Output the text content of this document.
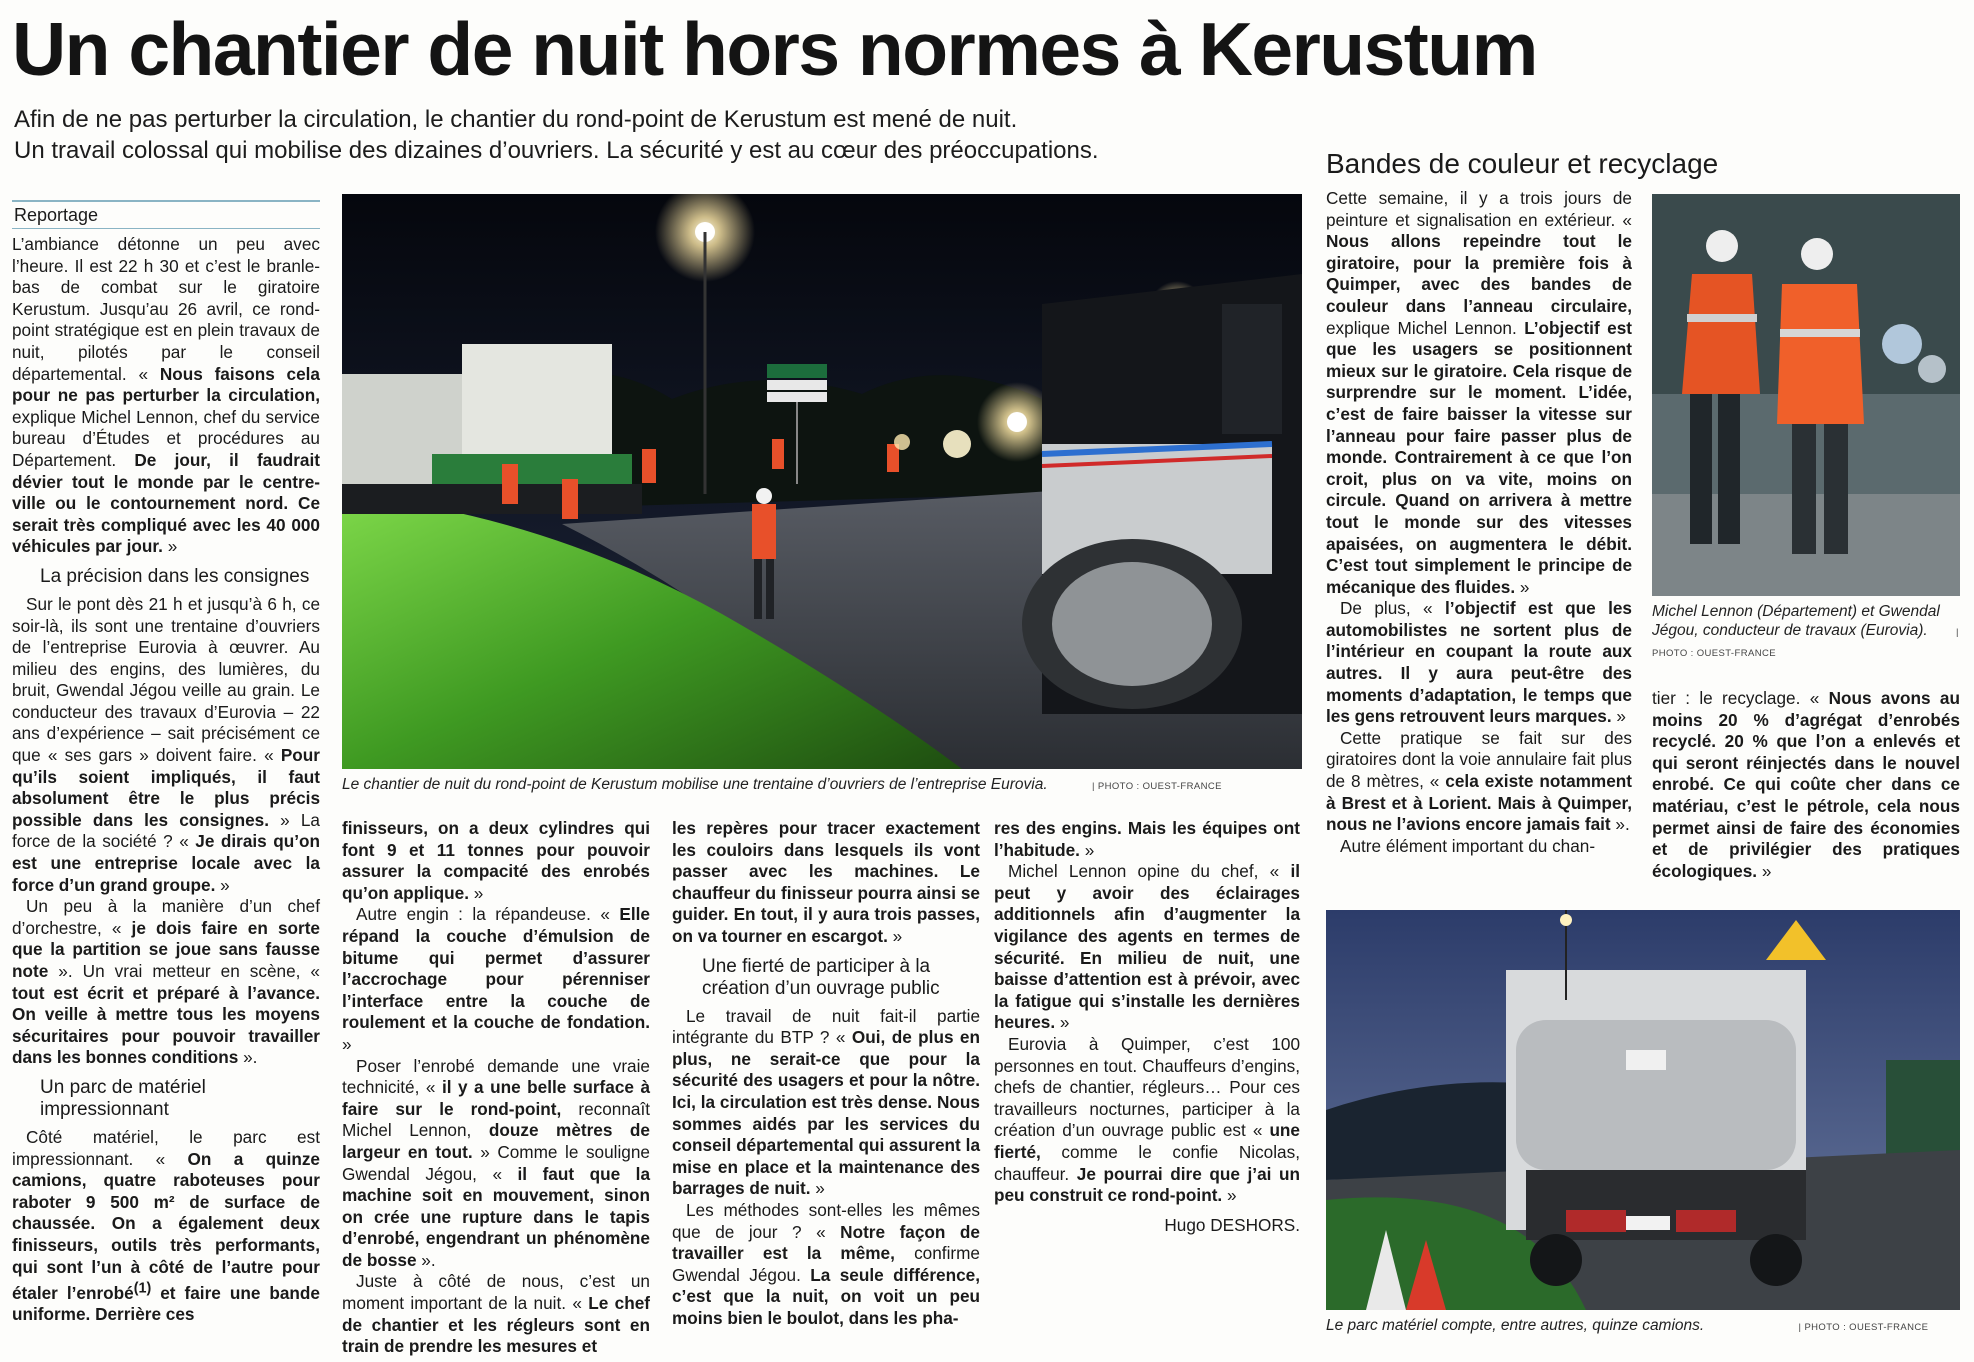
Un chantier de nuit hors normes à Kerustum

Afin de ne pas perturber la circulation, le chantier du rond-point de Kerustum est mené de nuit.

Un travail colossal qui mobilise des dizaines d’ouvriers. La sécurité y est au cœur des préoccupations.

Reportage
Bandes de couleur et recyclage

L’ambiance détonne un peu avec l’heure. Il est 22 h 30 et c’est le branle-bas de combat sur le giratoire Kerustum. Jusqu’au 26 avril, ce rond-point stratégique est en plein travaux de nuit, pilotés par le conseil départemental. « Nous faisons cela pour ne pas perturber la circulation, explique Michel Lennon, chef du service bureau d’Études et procédures au Département. De jour, il faudrait dévier tout le monde par le centre-ville ou le contournement nord. Ce serait très compliqué avec les 40 000 véhicules par jour. »

La précision dans les consignes

Sur le pont dès 21 h et jusqu’à 6 h, ce soir-là, ils sont une trentaine d’ouvriers de l’entreprise Eurovia à œuvrer. Au milieu des engins, des lumières, du bruit, Gwendal Jégou veille au grain. Le conducteur des travaux d’Eurovia – 22 ans d’expérience – sait précisément ce que « ses gars » doivent faire. « Pour qu’ils soient impliqués, il faut absolument être le plus précis possible dans les consignes. » La force de la société ? « Je dirais qu’on est une entreprise locale avec la force d’un grand groupe. »

Un peu à la manière d’un chef d’orchestre, « je dois faire en sorte que la partition se joue sans fausse note ». Un vrai metteur en scène, « tout est écrit et préparé à l’avance. On veille à mettre tous les moyens sécuritaires pour pouvoir travailler dans les bonnes conditions ».

Un parc de matériel impressionnant

Côté matériel, le parc est impressionnant. « On a quinze camions, quatre raboteuses pour raboter 9 500 m² de surface de chaussée. On a également deux finisseurs, outils très performants, qui sont l’un à côté de l’autre pour étaler l’enrobé$^{(1)}$ et faire une bande uniforme. Derrière ces

Le chantier de nuit du rond-point de Kerustum mobilise une trentaine d’ouvriers de l’entreprise Eurovia.	| PHOTO : OUEST-FRANCE

finisseurs, on a deux cylindres qui font 9 et 11 tonnes pour pouvoir assurer la compacité des enrobés qu’on applique. »

Autre engin : la répandeuse. « Elle répand la couche d’émulsion de bitume qui permet d’assurer l’accrochage pour pérenniser l’interface entre la couche de roulement et la couche de fondation. »

Poser l’enrobé demande une vraie technicité, « il y a une belle surface à faire sur le rond-point, reconnaît Michel Lennon, douze mètres de largeur en tout. » Comme le souligne Gwendal Jégou, « il faut que la machine soit en mouvement, sinon on crée une rupture dans le tapis d’enrobé, engendrant un phénomène de bosse ».

Juste à côté de nous, c’est un moment important de la nuit. « Le chef de chantier et les régleurs sont en train de prendre les mesures et

les repères pour tracer exactement les couloirs dans lesquels ils vont passer avec les machines. Le chauffeur du finisseur pourra ainsi se guider. En tout, il y aura trois passes, on va tourner en escargot. »

Une fierté de participer à la création d’un ouvrage public

Le travail de nuit fait-il partie intégrante du BTP ? « Oui, de plus en plus, ne serait-ce que pour la sécurité des usagers et pour la nôtre. Ici, la circulation est très dense. Nous sommes aidés par les services du conseil départemental qui assurent la mise en place et la maintenance des barrages de nuit. »

Les méthodes sont-elles les mêmes que de jour ? « Notre façon de travailler est la même, confirme Gwendal Jégou. La seule différence, c’est que la nuit, on voit un peu moins bien le boulot, dans les pha-

res des engins. Mais les équipes ont l’habitude. »

Michel Lennon opine du chef, « il peut y avoir des éclairages additionnels afin d’augmenter la vigilance des agents en termes de sécurité. En milieu de nuit, une baisse d’attention est à prévoir, avec la fatigue qui s’installe les dernières heures. »

Eurovia à Quimper, c’est 100 personnes en tout. Chauffeurs d’engins, chefs de chantier, régleurs… Pour ces travailleurs nocturnes, participer à la création d’un ouvrage public est « une fierté, comme le confie Nicolas, chauffeur. Je pourrai dire que j’ai un peu construit ce rond-point. »

Hugo DESHORS.

Cette semaine, il y a trois jours de peinture et signalisation en extérieur. « Nous allons repeindre tout le giratoire, pour la première fois à Quimper, avec des bandes de couleur dans l’anneau circulaire, explique Michel Lennon. L’objectif est que les usagers se positionnent mieux sur le giratoire. Cela risque de surprendre sur le moment. L’idée, c’est de faire baisser la vitesse sur l’anneau pour faire passer plus de monde. Contrairement à ce que l’on croit, plus on va vite, moins on circule. Quand on arrivera à mettre tout le monde sur des vitesses apaisées, on augmentera le débit. C’est tout simplement le principe de mécanique des fluides. »

De plus, « l’objectif est que les automobilistes ne sortent plus de l’intérieur en coupant la route aux autres. Il y aura peut-être des moments d’adaptation, le temps que les gens retrouvent leurs marques. »

Cette pratique se fait sur des giratoires dont la voie annulaire fait plus de 8 mètres, « cela existe notamment à Brest et à Lorient. Mais à Quimper, nous ne l’avions encore jamais fait ».

Autre élément important du chan-

Michel Lennon (Département) et Gwendal Jégou, conducteur de travaux (Eurovia).	| PHOTO : OUEST-FRANCE

tier : le recyclage. « Nous avons au moins 20 % d’agrégat d’enrobés recyclé. 20 % que l’on a enlevés et qui seront réinjectés dans le nouvel enrobé. Ce qui coûte cher dans ce matériau, c’est le pétrole, cela nous permet ainsi de faire des économies et de privilégier des pratiques écologiques. »

Le parc matériel compte, entre autres, quinze camions.	| PHOTO : OUEST-FRANCE
